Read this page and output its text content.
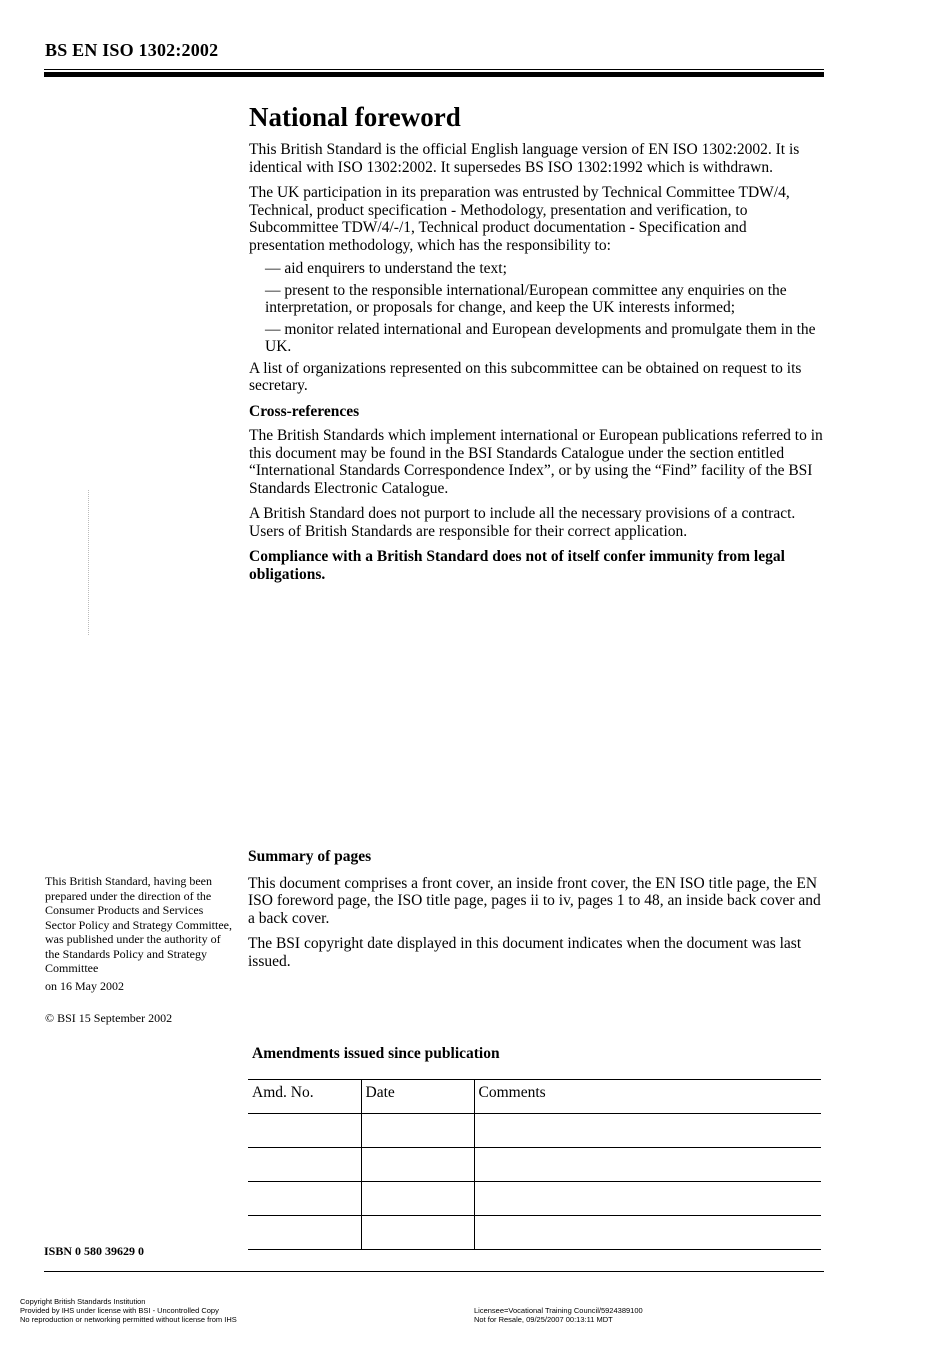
BS EN ISO 1302:2002
National foreword

This British Standard is the official English language version of EN ISO 1302:2002. It is identical with ISO 1302:2002. It supersedes BS ISO 1302:1992 which is withdrawn.

The UK participation in its preparation was entrusted by Technical Committee TDW/4, Technical, product specification - Methodology, presentation and verification, to Subcommittee TDW/4/-/1, Technical product documentation - Specification and presentation methodology, which has the responsibility to:

— aid enquirers to understand the text;

— present to the responsible international/European committee any enquiries on the interpretation, or proposals for change, and keep the UK interests informed;

— monitor related international and European developments and promulgate them in the UK.

A list of organizations represented on this subcommittee can be obtained on request to its secretary.

Cross-references

The British Standards which implement international or European publications referred to in this document may be found in the BSI Standards Catalogue under the section entitled “International Standards Correspondence Index”, or by using the “Find” facility of the BSI Standards Electronic Catalogue.

A British Standard does not purport to include all the necessary provisions of a contract. Users of British Standards are responsible for their correct application.

Compliance with a British Standard does not of itself confer immunity from legal obligations.

Summary of pages

This document comprises a front cover, an inside front cover, the EN ISO title page, the EN ISO foreword page, the ISO title page, pages ii to iv, pages 1 to 48, an inside back cover and a back cover.

The BSI copyright date displayed in this document indicates when the document was last issued.

This British Standard, having been prepared under the direction of the Consumer Products and Services Sector Policy and Strategy Committee, was published under the authority of the Standards Policy and Strategy Committee

on 16 May 2002

© BSI 15 September 2002

Amendments issued since publication
Amd. No.	Date	Comments

ISBN 0 580 39629 0

Copyright British Standards Institution

Provided by IHS under license with BSI - Uncontrolled Copy

No reproduction or networking permitted without license from IHS

Licensee=Vocational Training Council/5924389100

Not for Resale, 09/25/2007 00:13:11 MDT
